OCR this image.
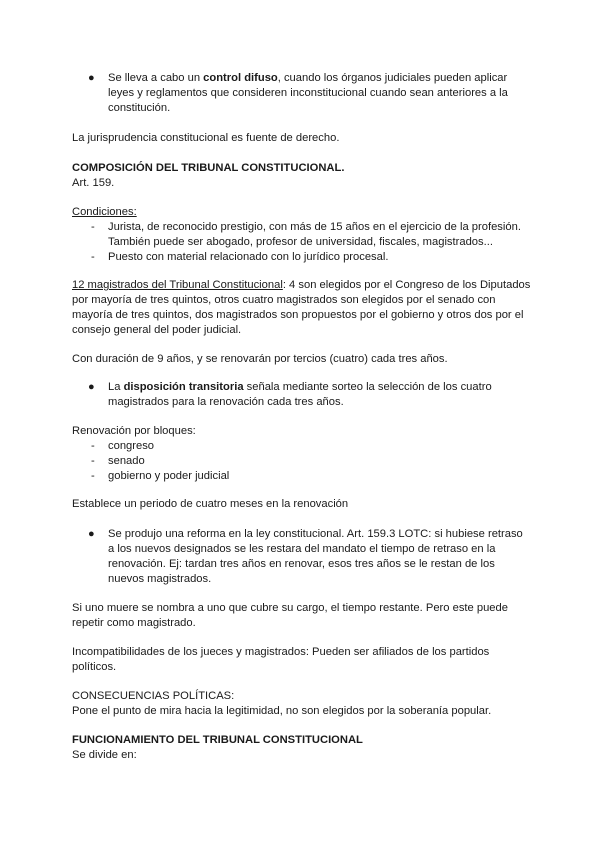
● Se lleva a cabo un control difuso, cuando los órganos judiciales pueden aplicar
leyes y reglamentos que consideren inconstitucional cuando sean anteriores a la
constitución.
La jurisprudencia constitucional es fuente de derecho.
COMPOSICIÓN DEL TRIBUNAL CONSTITUCIONAL.
Art. 159.
Condiciones:
- Jurista, de reconocido prestigio, con más de 15 años en el ejercicio de la profesión.
También puede ser abogado, profesor de universidad, fiscales, magistrados...
- Puesto con material relacionado con lo jurídico procesal.
12 magistrados del Tribunal Constitucional: 4 son elegidos por el Congreso de los Diputados
por mayoría de tres quintos, otros cuatro magistrados son elegidos por el senado con
mayoría de tres quintos, dos magistrados son propuestos por el gobierno y otros dos por el
consejo general del poder judicial.
Con duración de 9 años, y se renovarán por tercios (cuatro) cada tres años.
● La disposición transitoria señala mediante sorteo la selección de los cuatro
magistrados para la renovación cada tres años.
Renovación por bloques:
- congreso
- senado
- gobierno y poder judicial
Establece un periodo de cuatro meses en la renovación
● Se produjo una reforma en la ley constitucional. Art. 159.3 LOTC: si hubiese retraso
a los nuevos designados se les restara del mandato el tiempo de retraso en la
renovación. Ej: tardan tres años en renovar, esos tres años se le restan de los
nuevos magistrados.
Si uno muere se nombra a uno que cubre su cargo, el tiempo restante. Pero este puede
repetir como magistrado.
Incompatibilidades de los jueces y magistrados: Pueden ser afiliados de los partidos
políticos.
CONSECUENCIAS POLÍTICAS:
Pone el punto de mira hacia la legitimidad, no son elegidos por la soberanía popular.
FUNCIONAMIENTO DEL TRIBUNAL CONSTITUCIONAL
Se divide en:
